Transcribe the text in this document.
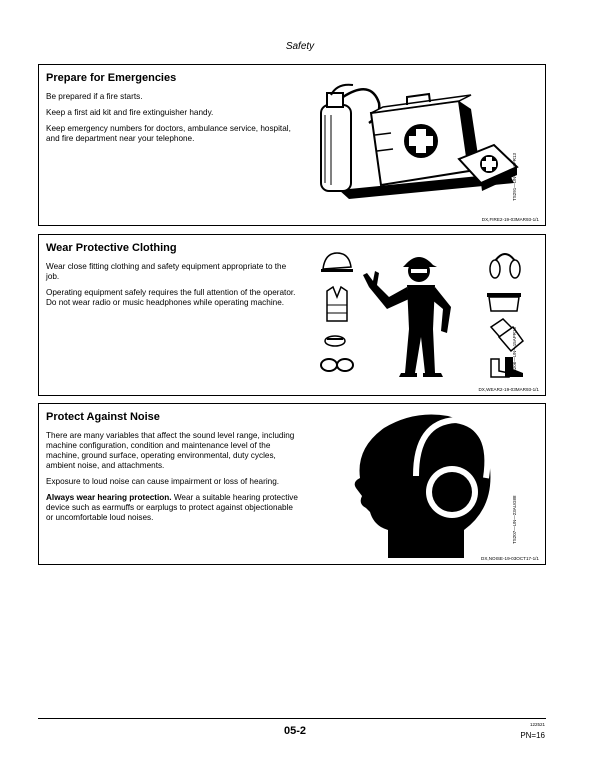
Safety
Prepare for Emergencies

Be prepared if a fire starts.

Keep a first aid kit and fire extinguisher handy.

Keep emergency numbers for doctors, ambulance service, hospital, and fire department near your telephone.

TS291—UN—15APR13
DX,FIRE2-19-03MAR93-1/1
Wear Protective Clothing

Wear close fitting clothing and safety equipment appropriate to the job.

Operating equipment safely requires the full attention of the operator. Do not wear radio or music headphones while operating machine.

TS206—UN—15APR13
DX,WEAR2-19-03MAR93-1/1
Protect Against Noise

There are many variables that affect the sound level range, including machine configuration, condition and maintenance level of the machine, ground surface, operating environmental, duty cycles, ambient noise, and attachments.

Exposure to loud noise can cause impairment or loss of hearing.

Always wear hearing protection. Wear a suitable hearing protective device such as earmuffs or earplugs to protect against objectionable or uncomfortable loud noises.	TS207—UN—23AUG88
DX,NOISE-19-03OCT17-1/1
05-2
122521
PN=16
